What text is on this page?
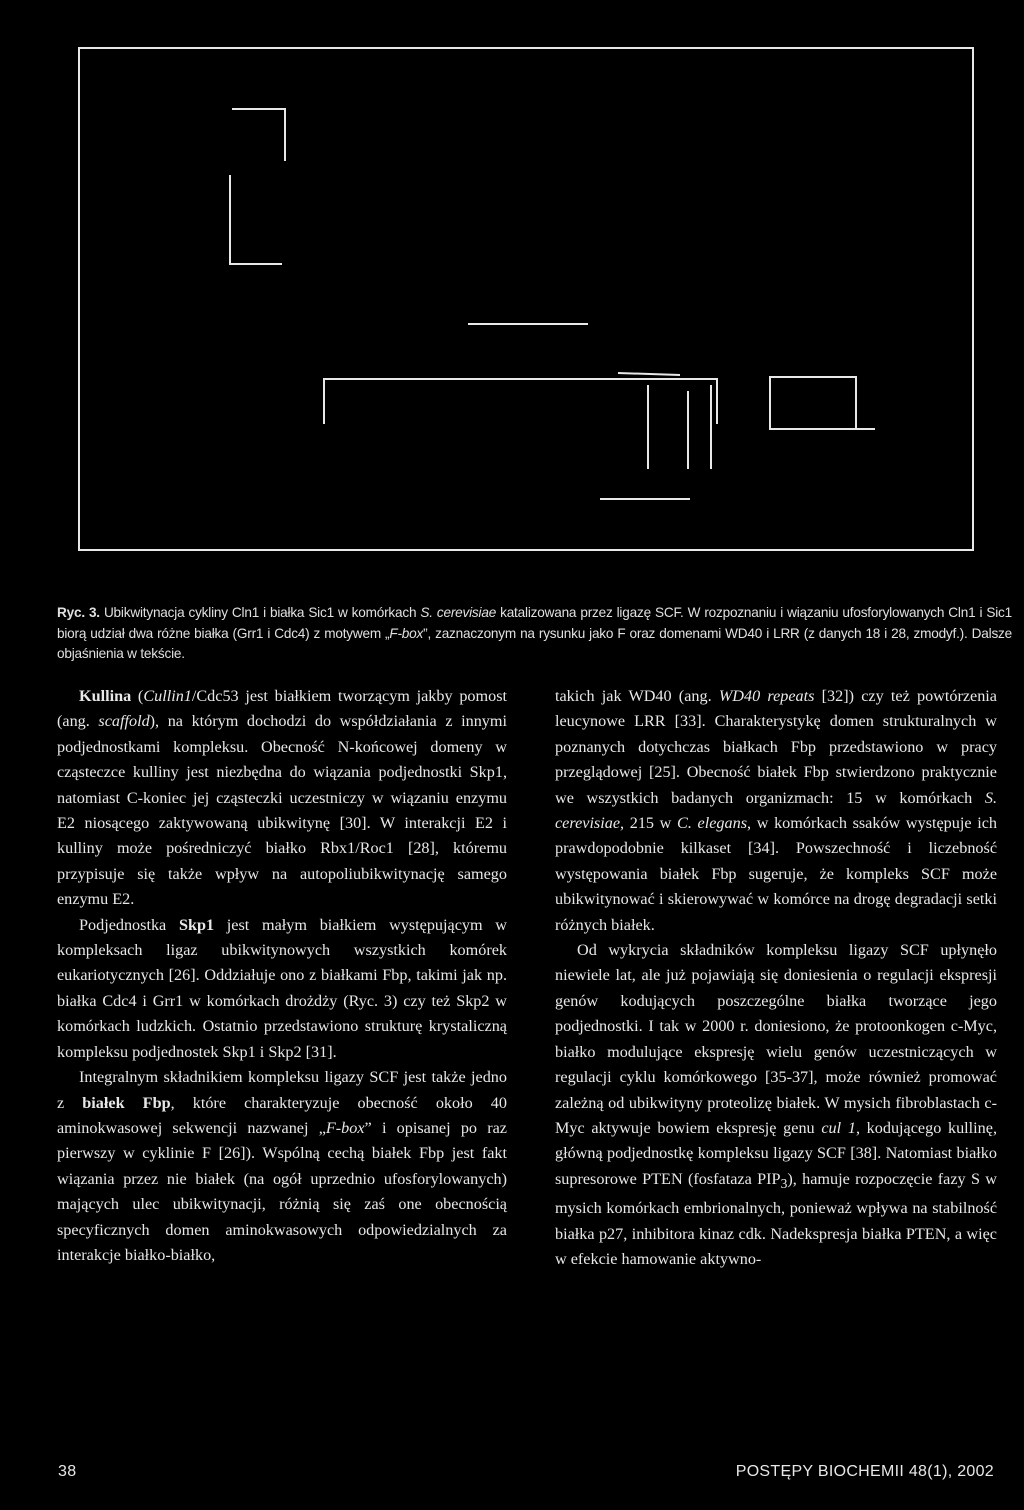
Ryc. 3. Ubikwitynacja cykliny Cln1 i białka Sic1 w komórkach S. cerevisiae katalizowana przez ligazę SCF. W rozpoznaniu i wiązaniu ufosforylowanych Cln1 i Sic1 biorą udział dwa różne białka (Grr1 i Cdc4) z motywem „F-box”, zaznaczonym na rysunku jako F oraz domenami WD40 i LRR (z danych 18 i 28, zmodyf.). Dalsze objaśnienia w tekście.

Kullina (Cullin1/Cdc53 jest białkiem tworzącym jakby pomost (ang. scaffold), na którym dochodzi do współdziałania z innymi podjednostkami kompleksu. Obecność N-końcowej domeny w cząsteczce kulliny jest niezbędna do wiązania podjednostki Skp1, natomiast C-koniec jej cząsteczki uczestniczy w wiązaniu enzymu E2 niosącego zaktywowaną ubikwitynę [30]. W interakcji E2 i kulliny może pośredniczyć białko Rbx1/Roc1 [28], któremu przypisuje się także wpływ na autopoliubikwitynację samego enzymu E2.

Podjednostka Skp1 jest małym białkiem występującym w kompleksach ligaz ubikwitynowych wszystkich komórek eukariotycznych [26]. Oddziałuje ono z białkami Fbp, takimi jak np. białka Cdc4 i Grr1 w komórkach drożdży (Ryc. 3) czy też Skp2 w komórkach ludzkich. Ostatnio przedstawiono strukturę krystaliczną kompleksu podjednostek Skp1 i Skp2 [31].

Integralnym składnikiem kompleksu ligazy SCF jest także jedno z białek Fbp, które charakteryzuje obecność około 40 aminokwasowej sekwencji nazwanej „F-box” i opisanej po raz pierwszy w cyklinie F [26]). Wspólną cechą białek Fbp jest fakt wiązania przez nie białek (na ogół uprzednio ufosforylowanych) mających ulec ubikwitynacji, różnią się zaś one obecnością specyficznych domen aminokwasowych odpowiedzialnych za interakcje białko-białko,

takich jak WD40 (ang. WD40 repeats [32]) czy też powtórzenia leucynowe LRR [33]. Charakterystykę domen strukturalnych w poznanych dotychczas białkach Fbp przedstawiono w pracy przeglądowej [25]. Obecność białek Fbp stwierdzono praktycznie we wszystkich badanych organizmach: 15 w komórkach S. cerevisiae, 215 w C. elegans, w komórkach ssaków występuje ich prawdopodobnie kilkaset [34]. Powszechność i liczebność występowania białek Fbp sugeruje, że kompleks SCF może ubikwitynować i skierowywać w komórce na drogę degradacji setki różnych białek.

Od wykrycia składników kompleksu ligazy SCF upłynęło niewiele lat, ale już pojawiają się doniesienia o regulacji ekspresji genów kodujących poszczególne białka tworzące jego podjednostki. I tak w 2000 r. doniesiono, że protoonkogen c-Myc, białko modulujące ekspresję wielu genów uczestniczących w regulacji cyklu komórkowego [35-37], może również promować zależną od ubikwityny proteolizę białek. W mysich fibroblastach c-Myc aktywuje bowiem ekspresję genu cul 1, kodującego kullinę, główną podjednostkę kompleksu ligazy SCF [38]. Natomiast białko supresorowe PTEN (fosfataza $PIP_3$), hamuje rozpoczęcie fazy S w mysich komórkach embrionalnych, ponieważ wpływa na stabilność białka p27, inhibitora kinaz cdk. Nadekspresja białka PTEN, a więc w efekcie hamowanie aktywno-

38	POSTĘPY BIOCHEMII 48(1), 2002
